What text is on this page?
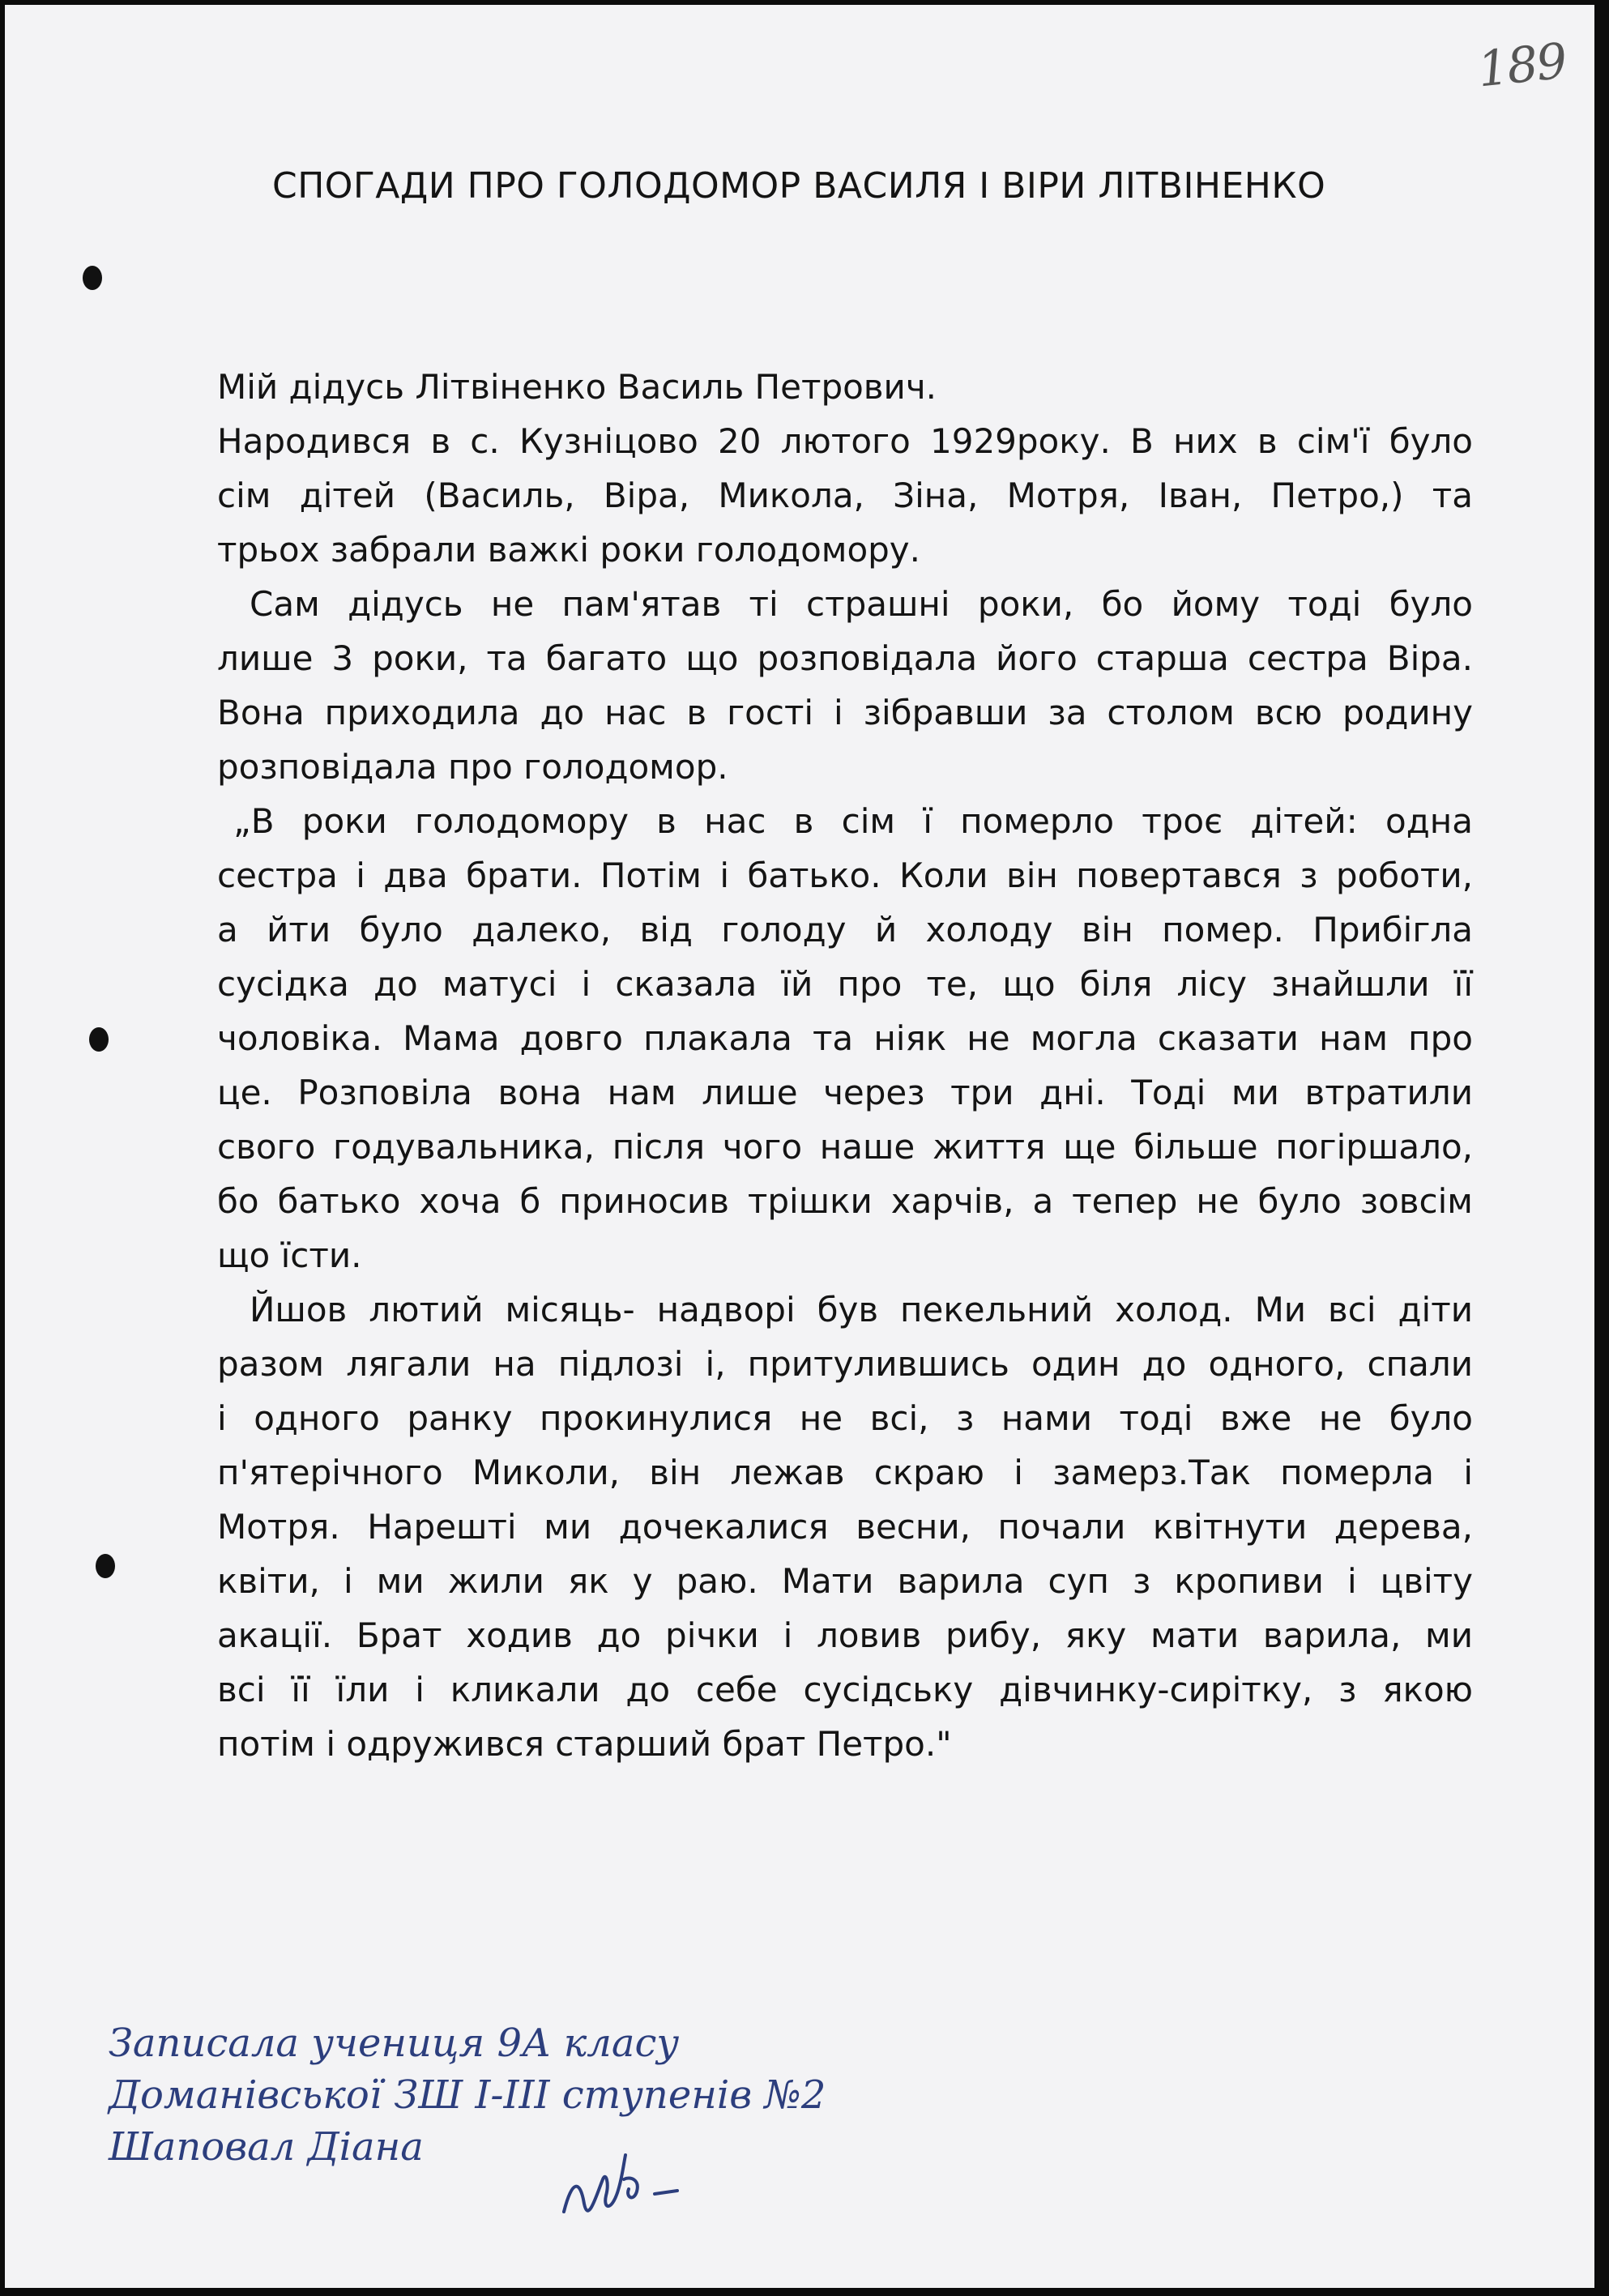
189
СПОГАДИ ПРО ГОЛОДОМОР ВАСИЛЯ І ВІРИ ЛІТВІНЕНКО
Мій дідусь Літвіненко Василь Петрович.
Народився в с. Кузніцово 20 лютого 1929року. В них в сім'ї було
сім дітей (Василь, Віра, Микола, Зіна, Мотря, Іван, Петро,) та
трьох забрали важкі роки голодомору.
Сам дідусь не пам'ятав ті страшні роки, бо йому тоді було
лише 3 роки, та багато що розповідала його старша сестра Віра.
Вона приходила до нас в гості і зібравши за столом всю родину
розповідала про голодомор.
„В роки голодомору в нас в сім ї померло троє дітей: одна
сестра і два брати. Потім і батько. Коли він повертався з роботи,
а йти було далеко, від голоду й холоду він помер. Прибігла
сусідка до матусі і сказала їй про те, що біля лісу знайшли її
чоловіка. Мама довго плакала та ніяк не могла сказати нам про
це. Розповіла вона нам лише через три дні. Тоді ми втратили
свого годувальника, після чого наше життя ще більше погіршало,
бо батько хоча б приносив трішки харчів, а тепер не було зовсім
що їсти.
Йшов лютий місяць- надворі був пекельний холод. Ми всі діти
разом лягали на підлозі і, притулившись один до одного, спали
і одного ранку прокинулися не всі, з нами тоді вже не було
п'ятерічного Миколи, він лежав скраю і замерз.Так померла і
Мотря. Нарешті ми дочекалися весни, почали квітнути дерева,
квіти, і ми жили як у раю. Мати варила суп з кропиви і цвіту
акації. Брат ходив до річки і ловив рибу, яку мати варила, ми
всі її їли і кликали до себе сусідську дівчинку-сирітку, з якою
потім і одружився старший брат Петро."
Записала учениця 9А класу
Доманівської ЗШ І-ІІІ ступенів №2
Шаповал Діана
